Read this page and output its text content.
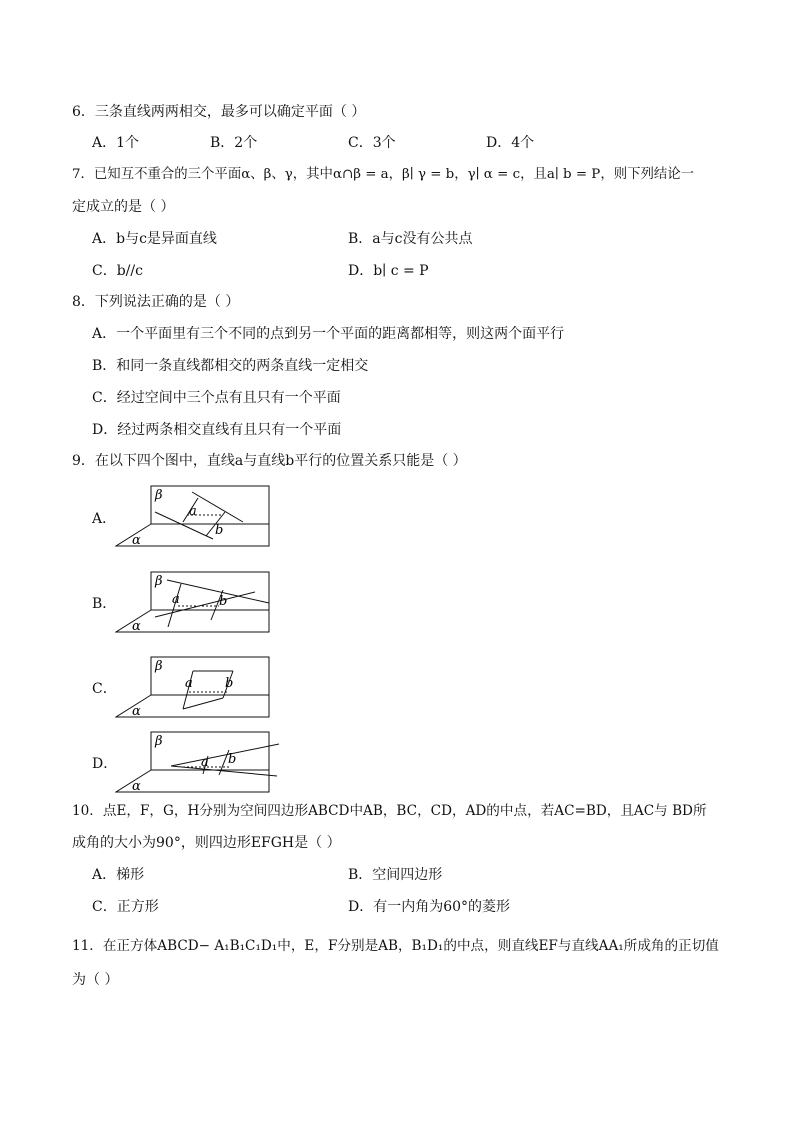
6．三条直线两两相交，最多可以确定平面（ ）
A．1个	B．2个	C．3个	D．4个
7．已知互不重合的三个平面α、β、γ，其中α∩β = a，β∣ γ = b，γ∣ α = c，且a∣ b = P，则下列结论一
定成立的是（ ）
A．b与c是异面直线	B．a与c没有公共点
C．b//c	D．b∣ c = P
8．下列说法正确的是（ ）
A．一个平面里有三个不同的点到另一个平面的距离都相等，则这两个面平行
B．和同一条直线都相交的两条直线一定相交
C．经过空间中三个点有且只有一个平面
D．经过两条相交直线有且只有一个平面
9．在以下四个图中，直线a与直线b平行的位置关系只能是（ ）
A．
β
α
a
b
B．
β
α
a	b
C．
β
α
a b
D．
β
α
a b
10．点E，F，G，H分别为空间四边形ABCD中AB，BC，CD，AD的中点，若AC=BD，且AC与 BD所
成角的大小为90°，则四边形EFGH是（ ）
A．梯形	B．空间四边形
C．正方形	D．有一内角为60°的菱形
11．在正方体ABCD− A₁B₁C₁D₁中，E，F分别是AB，B₁D₁的中点，则直线EF与直线AA₁所成角的正切值
为（ ）
